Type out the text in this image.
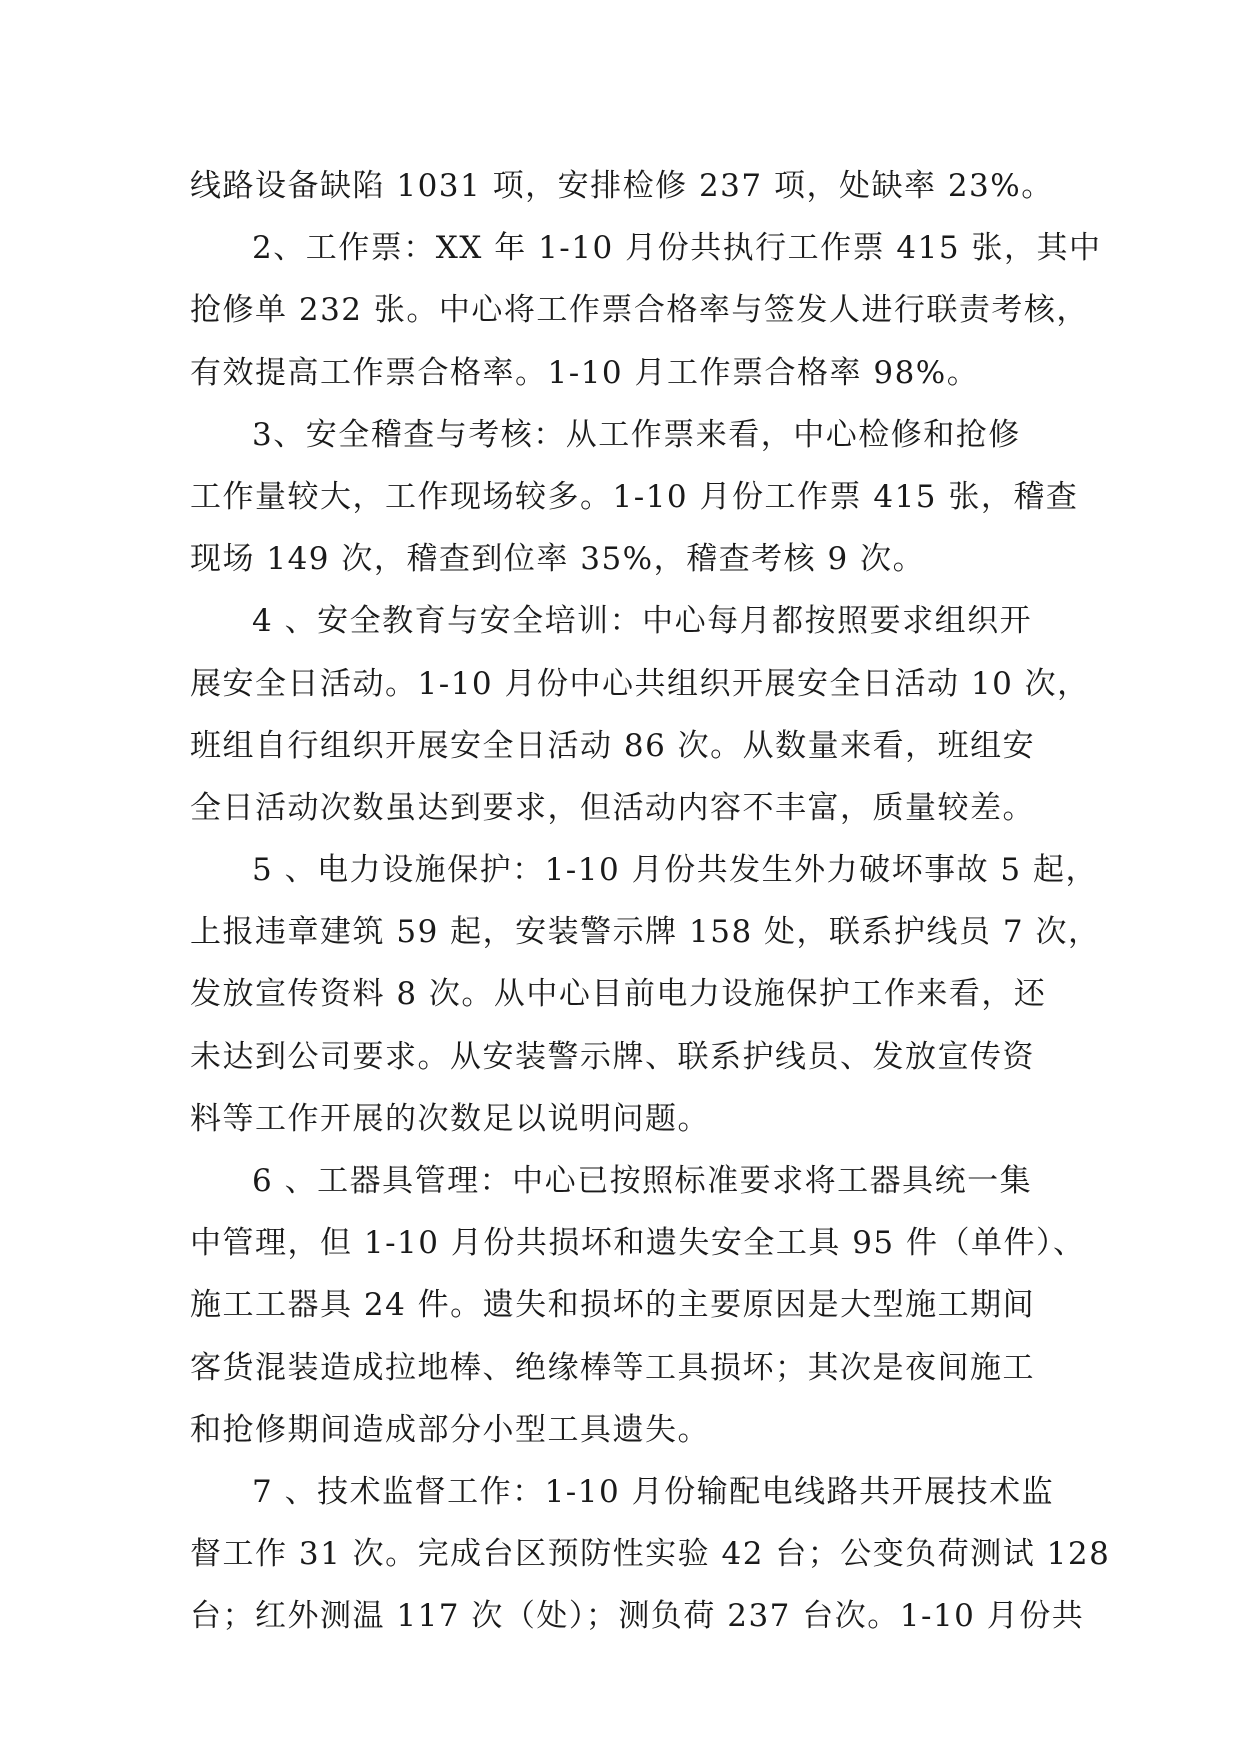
线路设备缺陷 1031 项，安排检修 237 项，处缺率 23%。
2、工作票：XX 年 1-10 月份共执行工作票 415 张，其中
抢修单 232 张。中心将工作票合格率与签发人进行联责考核，
有效提高工作票合格率。1-10 月工作票合格率 98%。
3、安全稽查与考核：从工作票来看，中心检修和抢修
工作量较大，工作现场较多。1-10 月份工作票 415 张，稽查
现场 149 次，稽查到位率 35%，稽查考核 9 次。
4 、安全教育与安全培训：中心每月都按照要求组织开
展安全日活动。1-10 月份中心共组织开展安全日活动 10 次，
班组自行组织开展安全日活动 86 次。从数量来看，班组安
全日活动次数虽达到要求，但活动内容不丰富，质量较差。
5 、电力设施保护：1-10 月份共发生外力破坏事故 5 起，
上报违章建筑 59 起，安装警示牌 158 处，联系护线员 7 次，
发放宣传资料 8 次。从中心目前电力设施保护工作来看，还
未达到公司要求。从安装警示牌、联系护线员、发放宣传资
料等工作开展的次数足以说明问题。
6 、工器具管理：中心已按照标准要求将工器具统一集
中管理，但 1-10 月份共损坏和遗失安全工具 95 件（单件）、
施工工器具 24 件。遗失和损坏的主要原因是大型施工期间
客货混装造成拉地棒、绝缘棒等工具损坏；其次是夜间施工
和抢修期间造成部分小型工具遗失。
7 、技术监督工作：1-10 月份输配电线路共开展技术监
督工作 31 次。完成台区预防性实验 42 台；公变负荷测试 128
台；红外测温 117 次（处）；测负荷 237 台次。1-10 月份共
